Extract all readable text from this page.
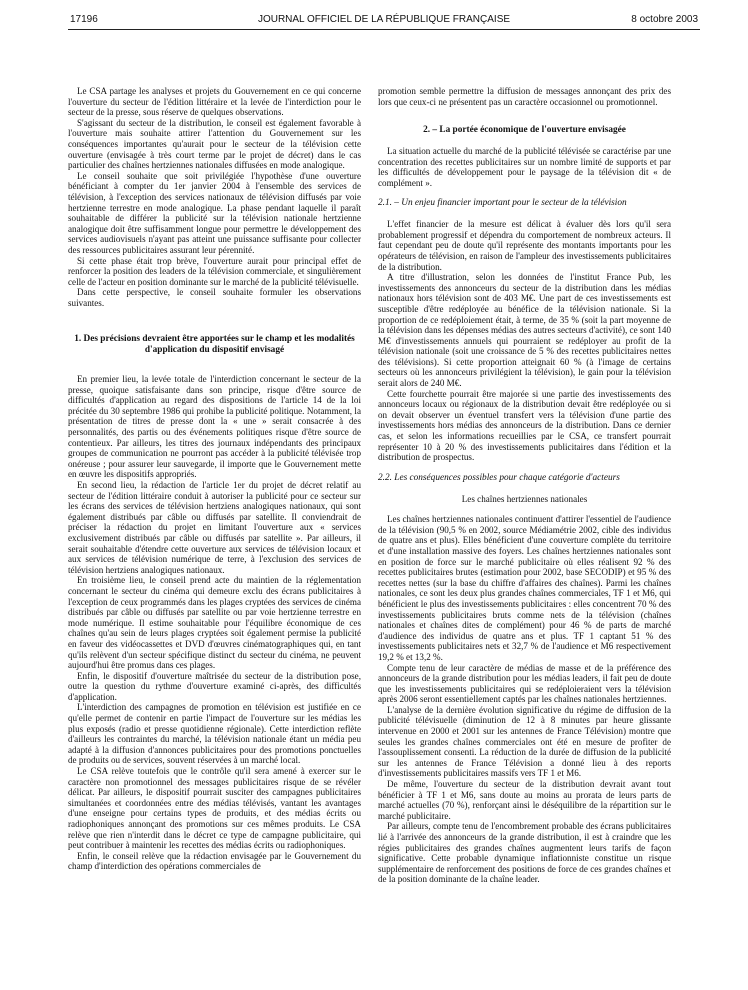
17196	JOURNAL OFFICIEL DE LA RÉPUBLIQUE FRANÇAISE	8 octobre 2003

Le CSA partage les analyses et projets du Gouvernement en ce qui concerne l'ouverture du secteur de l'édition littéraire et la levée de l'interdiction pour le secteur de la presse, sous réserve de quelques observations.

S'agissant du secteur de la distribution, le conseil est également favorable à l'ouverture mais souhaite attirer l'attention du Gouvernement sur les conséquences importantes qu'aurait pour le secteur de la télévision cette ouverture (envisagée à très court terme par le projet de décret) dans le cas particulier des chaînes hertziennes nationales diffusées en mode analogique.

Le conseil souhaite que soit privilégiée l'hypothèse d'une ouverture bénéficiant à compter du 1er janvier 2004 à l'ensemble des services de télévision, à l'exception des services nationaux de télévision diffusés par voie hertzienne terrestre en mode analogique. La phase pendant laquelle il paraît souhaitable de différer la publicité sur la télévision nationale hertzienne analogique doit être suffisamment longue pour permettre le développement des services audiovisuels n'ayant pas atteint une puissance suffisante pour collecter des ressources publicitaires assurant leur pérennité.

Si cette phase était trop brève, l'ouverture aurait pour principal effet de renforcer la position des leaders de la télévision commerciale, et singulièrement celle de l'acteur en position dominante sur le marché de la publicité télévisuelle.

Dans cette perspective, le conseil souhaite formuler les observations suivantes.

1. Des précisions devraient être apportées sur le champ et les modalités d'application du dispositif envisagé

En premier lieu, la levée totale de l'interdiction concernant le secteur de la presse, quoique satisfaisante dans son principe, risque d'être source de difficultés d'application au regard des dispositions de l'article 14 de la loi précitée du 30 septembre 1986 qui prohibe la publicité politique. Notamment, la présentation de titres de presse dont la « une » serait consacrée à des personnalités, des partis ou des événements politiques risque d'être source de contentieux. Par ailleurs, les titres des journaux indépendants des principaux groupes de communication ne pourront pas accéder à la publicité télévisée trop onéreuse ; pour assurer leur sauvegarde, il importe que le Gouvernement mette en œuvre les dispositifs appropriés.

En second lieu, la rédaction de l'article 1er du projet de décret relatif au secteur de l'édition littéraire conduit à autoriser la publicité pour ce secteur sur les écrans des services de télévision hertziens analogiques nationaux, qui sont également distribués par câble ou diffusés par satellite. Il conviendrait de préciser la rédaction du projet en limitant l'ouverture aux « services exclusivement distribués par câble ou diffusés par satellite ». Par ailleurs, il serait souhaitable d'étendre cette ouverture aux services de télévision locaux et aux services de télévision numérique de terre, à l'exclusion des services de télévision hertziens analogiques nationaux.

En troisième lieu, le conseil prend acte du maintien de la réglementation concernant le secteur du cinéma qui demeure exclu des écrans publicitaires à l'exception de ceux programmés dans les plages cryptées des services de cinéma distribués par câble ou diffusés par satellite ou par voie hertzienne terrestre en mode numérique. Il estime souhaitable pour l'équilibre économique de ces chaînes qu'au sein de leurs plages cryptées soit également permise la publicité en faveur des vidéocassettes et DVD d'œuvres cinématographiques qui, en tant qu'ils relèvent d'un secteur spécifique distinct du secteur du cinéma, ne peuvent aujourd'hui être promus dans ces plages.

Enfin, le dispositif d'ouverture maîtrisée du secteur de la distribution pose, outre la question du rythme d'ouverture examiné ci-après, des difficultés d'application.

L'interdiction des campagnes de promotion en télévision est justifiée en ce qu'elle permet de contenir en partie l'impact de l'ouverture sur les médias les plus exposés (radio et presse quotidienne régionale). Cette interdiction reflète d'ailleurs les contraintes du marché, la télévision nationale étant un média peu adapté à la diffusion d'annonces publicitaires pour des promotions ponctuelles de produits ou de services, souvent réservées à un marché local.

Le CSA relève toutefois que le contrôle qu'il sera amené à exercer sur le caractère non promotionnel des messages publicitaires risque de se révéler délicat. Par ailleurs, le dispositif pourrait susciter des campagnes publicitaires simultanées et coordonnées entre des médias télévisés, vantant les avantages d'une enseigne pour certains types de produits, et des médias écrits ou radiophoniques annonçant des promotions sur ces mêmes produits. Le CSA relève que rien n'interdit dans le décret ce type de campagne publicitaire, qui peut contribuer à maintenir les recettes des médias écrits ou radiophoniques.

Enfin, le conseil relève que la rédaction envisagée par le Gouvernement du champ d'interdiction des opérations commerciales de

promotion semble permettre la diffusion de messages annonçant des prix des lors que ceux-ci ne présentent pas un caractère occasionnel ou promotionnel.

2. – La portée économique de l'ouverture envisagée

La situation actuelle du marché de la publicité télévisée se caractérise par une concentration des recettes publicitaires sur un nombre limité de supports et par les difficultés de développement pour le paysage de la télévision dit « de complément ».

2.1. – Un enjeu financier important pour le secteur de la télévision

L'effet financier de la mesure est délicat à évaluer dès lors qu'il sera probablement progressif et dépendra du comportement de nombreux acteurs. Il faut cependant peu de doute qu'il représente des montants importants pour les opérateurs de télévision, en raison de l'ampleur des investissements publicitaires de la distribution.

A titre d'illustration, selon les données de l'institut France Pub, les investissements des annonceurs du secteur de la distribution dans les médias nationaux hors télévision sont de 403 M€. Une part de ces investissements est susceptible d'être redéployée au bénéfice de la télévision nationale. Si la proportion de ce redéploiement était, à terme, de 35 % (soit la part moyenne de la télévision dans les dépenses médias des autres secteurs d'activité), ce sont 140 M€ d'investissements annuels qui pourraient se redéployer au profit de la télévision nationale (soit une croissance de 5 % des recettes publicitaires nettes des télévisions). Si cette proportion atteignait 60 % (à l'image de certains secteurs où les annonceurs privilégient la télévision), le gain pour la télévision serait alors de 240 M€.

Cette fourchette pourrait être majorée si une partie des investissements des annonceurs locaux ou régionaux de la distribution devait être redéployée ou si on devait observer un éventuel transfert vers la télévision d'une partie des investissements hors médias des annonceurs de la distribution. Dans ce dernier cas, et selon les informations recueillies par le CSA, ce transfert pourrait représenter 10 à 20 % des investissements publicitaires dans l'édition et la distribution de prospectus.

2.2. Les conséquences possibles pour chaque catégorie d'acteurs

Les chaînes hertziennes nationales

Les chaînes hertziennes nationales continuent d'attirer l'essentiel de l'audience de la télévision (90,5 % en 2002, source Médiamétrie 2002, cible des individus de quatre ans et plus). Elles bénéficient d'une couverture complète du territoire et d'une installation massive des foyers. Les chaînes hertziennes nationales sont en position de force sur le marché publicitaire où elles réalisent 92 % des recettes publicitaires brutes (estimation pour 2002, base SECODIP) et 95 % des recettes nettes (sur la base du chiffre d'affaires des chaînes). Parmi les chaînes nationales, ce sont les deux plus grandes chaînes commerciales, TF 1 et M6, qui bénéficient le plus des investissements publicitaires : elles concentrent 70 % des investissements publicitaires bruts comme nets de la télévision (chaînes nationales et chaînes dites de complément) pour 46 % de parts de marché d'audience des individus de quatre ans et plus. TF 1 captant 51 % des investissements publicitaires nets et 32,7 % de l'audience et M6 respectivement 19,2 % et 13,2 %.

Compte tenu de leur caractère de médias de masse et de la préférence des annonceurs de la grande distribution pour les médias leaders, il fait peu de doute que les investissements publicitaires qui se redéploieraient vers la télévision après 2006 seront essentiellement captés par les chaînes nationales hertziennes.

L'analyse de la dernière évolution significative du régime de diffusion de la publicité télévisuelle (diminution de 12 à 8 minutes par heure glissante intervenue en 2000 et 2001 sur les antennes de France Télévision) montre que seules les grandes chaînes commerciales ont été en mesure de profiter de l'assouplissement consenti. La réduction de la durée de diffusion de la publicité sur les antennes de France Télévision a donné lieu à des reports d'investissements publicitaires massifs vers TF 1 et M6.

De même, l'ouverture du secteur de la distribution devrait avant tout bénéficier à TF 1 et M6, sans doute au moins au prorata de leurs parts de marché actuelles (70 %), renforçant ainsi le déséquilibre de la répartition sur le marché publicitaire.

Par ailleurs, compte tenu de l'encombrement probable des écrans publicitaires lié à l'arrivée des annonceurs de la grande distribution, il est à craindre que les régies publicitaires des grandes chaînes augmentent leurs tarifs de façon significative. Cette probable dynamique inflationniste constitue un risque supplémentaire de renforcement des positions de force de ces grandes chaînes et de la position dominante de la chaîne leader.
